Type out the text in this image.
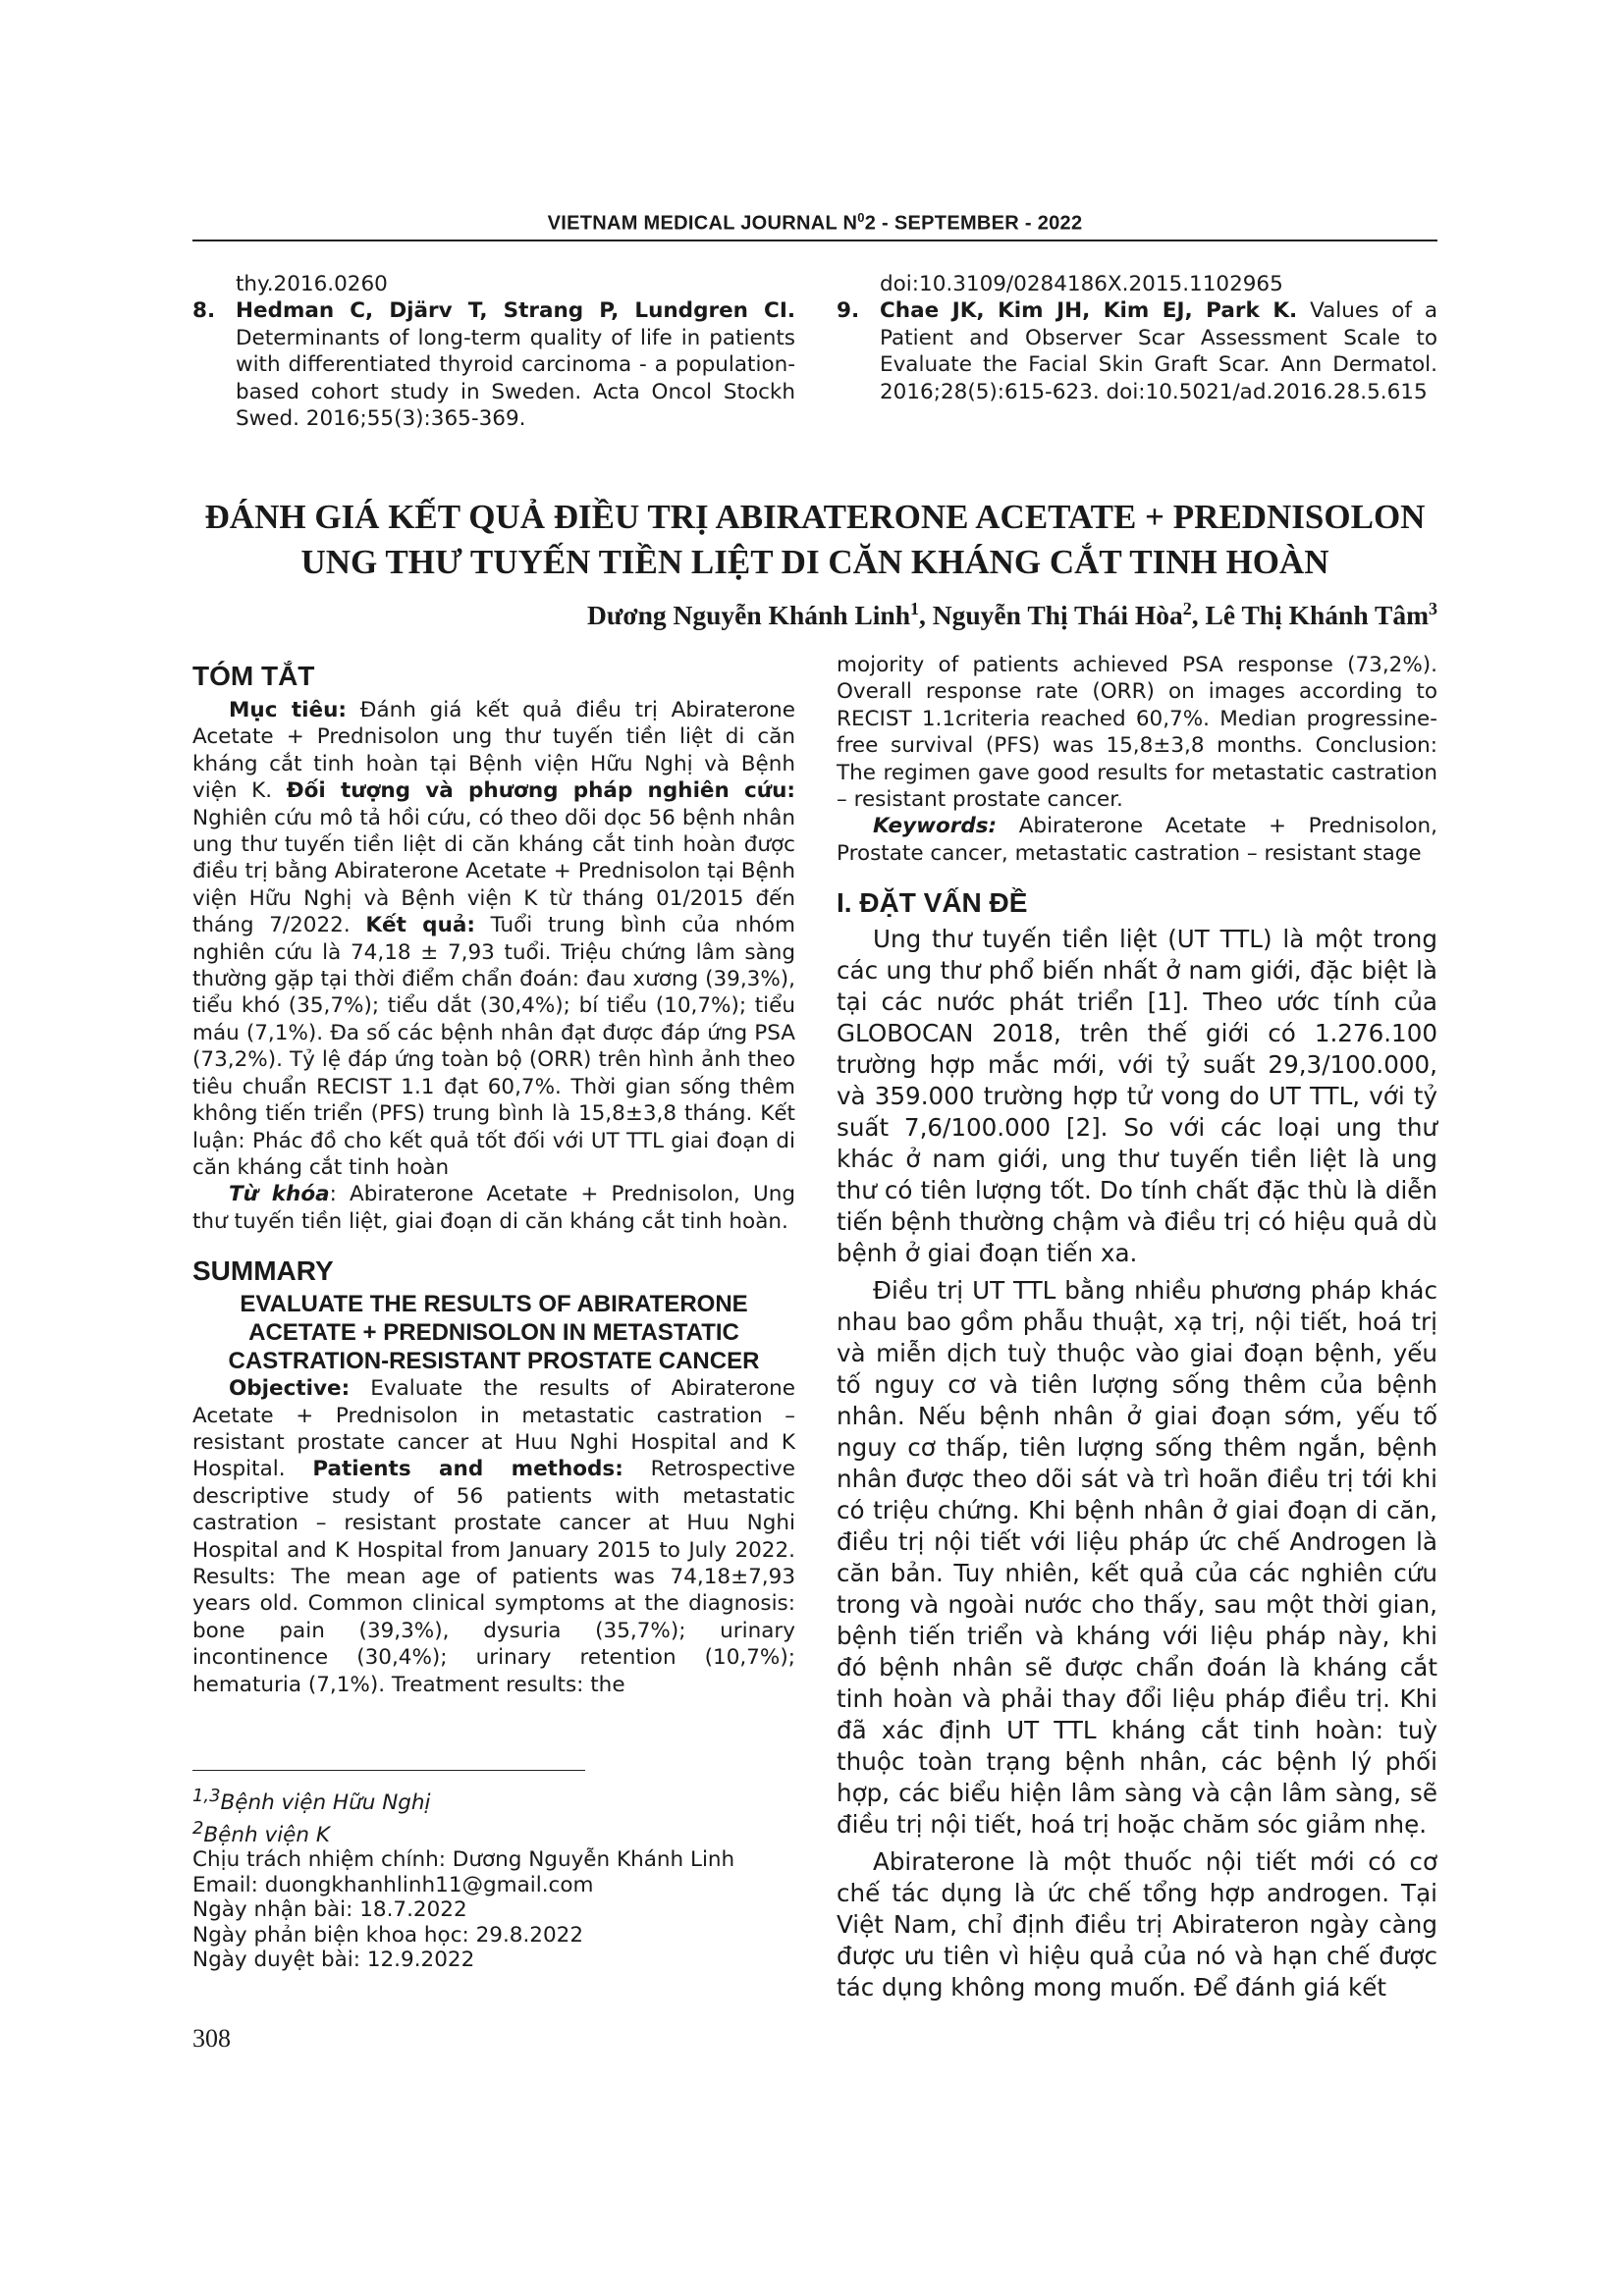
VIETNAM MEDICAL JOURNAL $N^02$ - SEPTEMBER - 2022
thy.2016.0260
8. Hedman C, Djärv T, Strang P, Lundgren CI. Determinants of long-term quality of life in patients with differentiated thyroid carcinoma - a population-based cohort study in Sweden. Acta Oncol Stockh Swed. 2016;55(3):365-369.
doi:10.3109/0284186X.2015.1102965
9. Chae JK, Kim JH, Kim EJ, Park K. Values of a Patient and Observer Scar Assessment Scale to Evaluate the Facial Skin Graft Scar. Ann Dermatol. 2016;28(5):615-623. doi:10.5021/ad.2016.28.5.615
ĐÁNH GIÁ KẾT QUẢ ĐIỀU TRỊ ABIRATERONE ACETATE + PREDNISOLON
UNG THƯ TUYẾN TIỀN LIỆT DI CĂN KHÁNG CẮT TINH HOÀN
Dương Nguyễn Khánh Linh$^1$, Nguyễn Thị Thái Hòa$^2$, Lê Thị Khánh Tâm$^3$
TÓM TẮT

Mục tiêu: Đánh giá kết quả điều trị Abiraterone Acetate + Prednisolon ung thư tuyến tiền liệt di căn kháng cắt tinh hoàn tại Bệnh viện Hữu Nghị và Bệnh viện K. Đối tượng và phương pháp nghiên cứu: Nghiên cứu mô tả hồi cứu, có theo dõi dọc 56 bệnh nhân ung thư tuyến tiền liệt di căn kháng cắt tinh hoàn được điều trị bằng Abiraterone Acetate + Prednisolon tại Bệnh viện Hữu Nghị và Bệnh viện K từ tháng 01/2015 đến tháng 7/2022. Kết quả: Tuổi trung bình của nhóm nghiên cứu là 74,18 ± 7,93 tuổi. Triệu chứng lâm sàng thường gặp tại thời điểm chẩn đoán: đau xương (39,3%), tiểu khó (35,7%); tiểu dắt (30,4%); bí tiểu (10,7%); tiểu máu (7,1%). Đa số các bệnh nhân đạt được đáp ứng PSA (73,2%). Tỷ lệ đáp ứng toàn bộ (ORR) trên hình ảnh theo tiêu chuẩn RECIST 1.1 đạt 60,7%. Thời gian sống thêm không tiến triển (PFS) trung bình là 15,8±3,8 tháng. Kết luận: Phác đồ cho kết quả tốt đối với UT TTL giai đoạn di căn kháng cắt tinh hoàn

Từ khóa: Abiraterone Acetate + Prednisolon, Ung thư tuyến tiền liệt, giai đoạn di căn kháng cắt tinh hoàn.

SUMMARY

EVALUATE THE RESULTS OF ABIRATERONE ACETATE + PREDNISOLON IN METASTATIC CASTRATION-RESISTANT PROSTATE CANCER

Objective: Evaluate the results of Abiraterone Acetate + Prednisolon in metastatic castration – resistant prostate cancer at Huu Nghi Hospital and K Hospital. Patients and methods: Retrospective descriptive study of 56 patients with metastatic castration – resistant prostate cancer at Huu Nghi Hospital and K Hospital from January 2015 to July 2022. Results: The mean age of patients was 74,18±7,93 years old. Common clinical symptoms at the diagnosis: bone pain (39,3%), dysuria (35,7%); urinary incontinence (30,4%); urinary retention (10,7%); hematuria (7,1%). Treatment results: the

mojority of patients achieved PSA response (73,2%). Overall response rate (ORR) on images according to RECIST 1.1criteria reached 60,7%. Median progressine-free survival (PFS) was 15,8±3,8 months. Conclusion: The regimen gave good results for metastatic castration – resistant prostate cancer.

Keywords: Abiraterone Acetate + Prednisolon, Prostate cancer, metastatic castration – resistant stage

I. ĐẶT VẤN ĐỀ

Ung thư tuyến tiền liệt (UT TTL) là một trong các ung thư phổ biến nhất ở nam giới, đặc biệt là tại các nước phát triển [1]. Theo ước tính của GLOBOCAN 2018, trên thế giới có 1.276.100 trường hợp mắc mới, với tỷ suất 29,3/100.000, và 359.000 trường hợp tử vong do UT TTL, với tỷ suất 7,6/100.000 [2]. So với các loại ung thư khác ở nam giới, ung thư tuyến tiền liệt là ung thư có tiên lượng tốt. Do tính chất đặc thù là diễn tiến bệnh thường chậm và điều trị có hiệu quả dù bệnh ở giai đoạn tiến xa.

Điều trị UT TTL bằng nhiều phương pháp khác nhau bao gồm phẫu thuật, xạ trị, nội tiết, hoá trị và miễn dịch tuỳ thuộc vào giai đoạn bệnh, yếu tố nguy cơ và tiên lượng sống thêm của bệnh nhân. Nếu bệnh nhân ở giai đoạn sớm, yếu tố nguy cơ thấp, tiên lượng sống thêm ngắn, bệnh nhân được theo dõi sát và trì hoãn điều trị tới khi có triệu chứng. Khi bệnh nhân ở giai đoạn di căn, điều trị nội tiết với liệu pháp ức chế Androgen là căn bản. Tuy nhiên, kết quả của các nghiên cứu trong và ngoài nước cho thấy, sau một thời gian, bệnh tiến triển và kháng với liệu pháp này, khi đó bệnh nhân sẽ được chẩn đoán là kháng cắt tinh hoàn và phải thay đổi liệu pháp điều trị. Khi đã xác định UT TTL kháng cắt tinh hoàn: tuỳ thuộc toàn trạng bệnh nhân, các bệnh lý phối hợp, các biểu hiện lâm sàng và cận lâm sàng, sẽ điều trị nội tiết, hoá trị hoặc chăm sóc giảm nhẹ.

Abiraterone là một thuốc nội tiết mới có cơ chế tác dụng là ức chế tổng hợp androgen. Tại Việt Nam, chỉ định điều trị Abirateron ngày càng được ưu tiên vì hiệu quả của nó và hạn chế được tác dụng không mong muốn. Để đánh giá kết

$^{1,3}$Bệnh viện Hữu Nghị
$^2$Bệnh viện K
Chịu trách nhiệm chính: Dương Nguyễn Khánh Linh
Email: duongkhanhlinh11@gmail.com
Ngày nhận bài: 18.7.2022
Ngày phản biện khoa học: 29.8.2022
Ngày duyệt bài: 12.9.2022
308
